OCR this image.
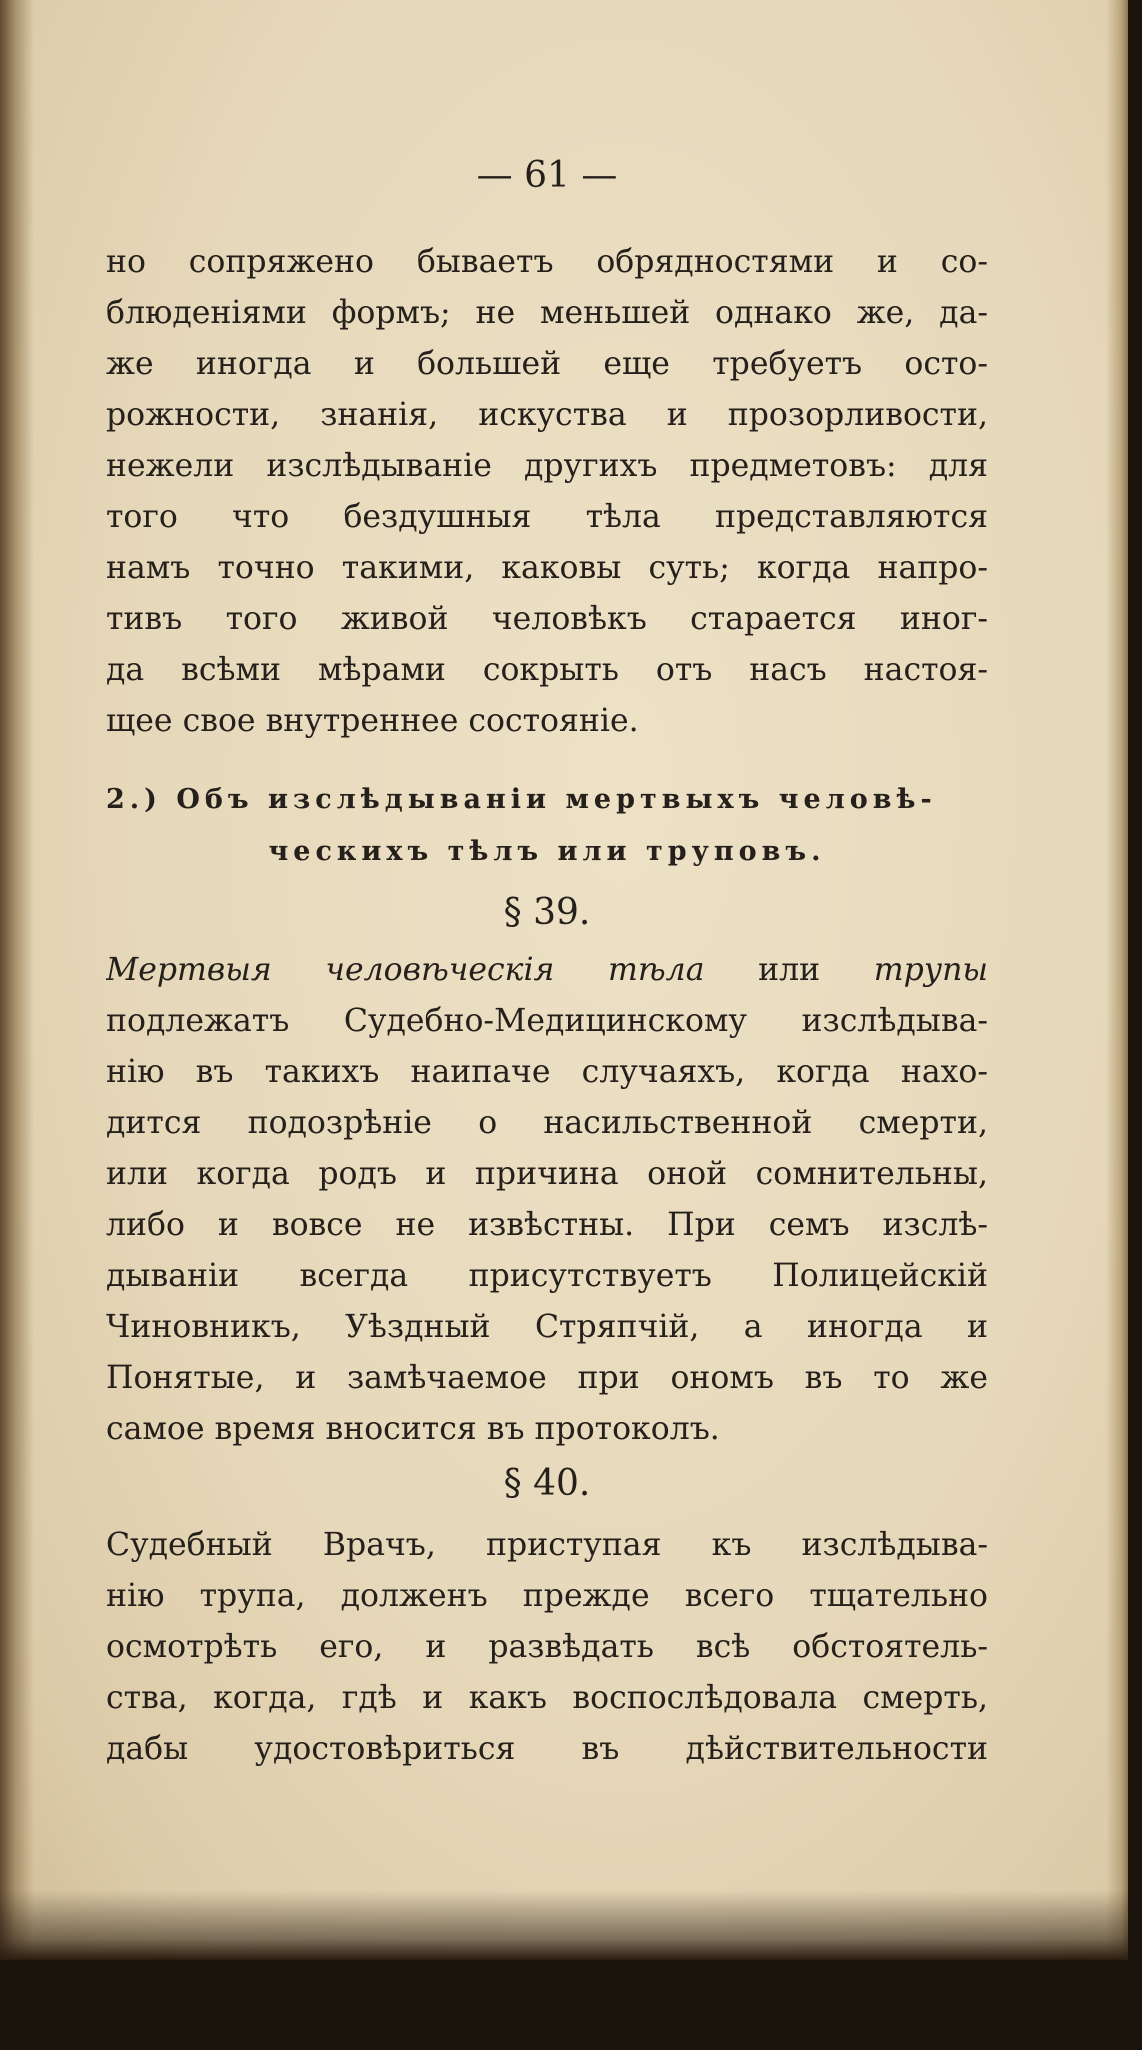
— 61 —

но сопряжено бываетъ обрядностями и со-
блюденіями формъ; не меньшей однако же, да-
же иногда и большей еще требуетъ осто-
рожности, знанія, искуства и прозорливости,
нежели изслѣдываніе другихъ предметовъ: для
того что бездушныя тѣла представляются
намъ точно такими, каковы суть; когда напро-
тивъ того живой человѣкъ старается иног-
да всѣми мѣрами сокрыть отъ насъ настоя-
щее свое внутреннее состояніе.
2.) Объ изслѣдываніи мертвыхъ человѣ-
ческихъ тѣлъ или труповъ.

§ 39.

Мертвыя человѣческія тѣла или трупы
подлежатъ Судебно-Медицинскому изслѣдыва-
нію въ такихъ наипаче случаяхъ, когда нахо-
дится подозрѣніе о насильственной смерти,
или когда родъ и причина оной сомнительны,
либо и вовсе не извѣстны. При семъ изслѣ-
дываніи всегда присутствуетъ Полицейскій
Чиновникъ, Уѣздный Стряпчій, а иногда и
Понятые, и замѣчаемое при ономъ въ то же
самое время вносится въ протоколъ.

§ 40.

Судебный Врачъ, приступая къ изслѣдыва-
нію трупа, долженъ прежде всего тщательно
осмотрѣть его, и развѣдать всѣ обстоятель-
ства, когда, гдѣ и какъ воспослѣдовала смерть,
дабы удостовѣриться въ дѣйствительности
